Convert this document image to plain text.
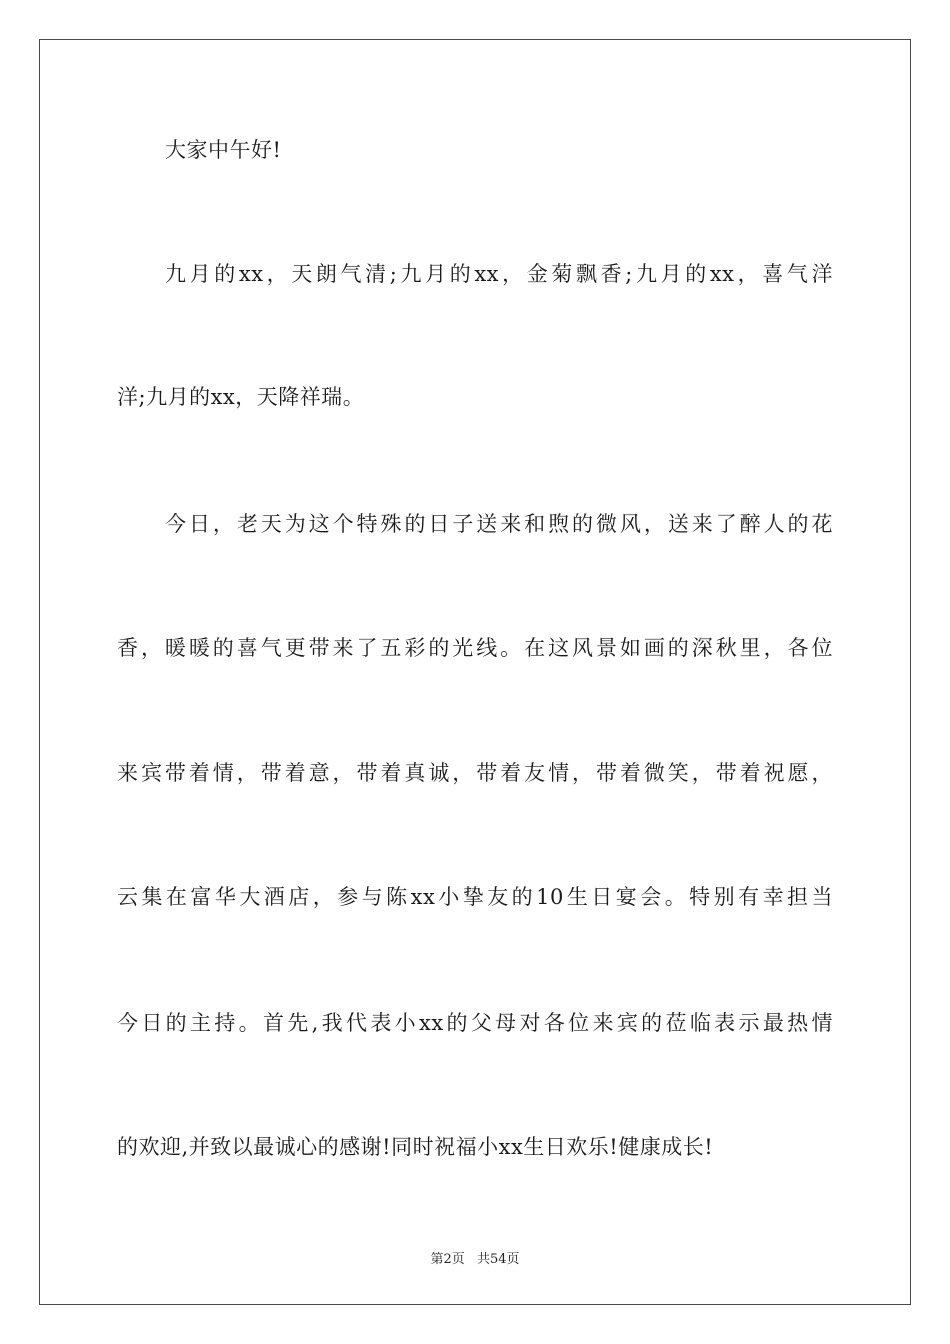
大家中午好!
九月的xx，天朗气清;九月的xx，金菊飘香;九月的xx，喜气洋
洋;九月的xx，天降祥瑞。
今日，老天为这个特殊的日子送来和煦的微风，送来了醉人的花
香，暖暖的喜气更带来了五彩的光线。在这风景如画的深秋里，各位
来宾带着情，带着意，带着真诚，带着友情，带着微笑，带着祝愿，
云集在富华大酒店，参与陈xx小挚友的10生日宴会。特别有幸担当
今日的主持。首先,我代表小xx的父母对各位来宾的莅临表示最热情
的欢迎,并致以最诚心的感谢!同时祝福小xx生日欢乐!健康成长!
第2页 共54页
